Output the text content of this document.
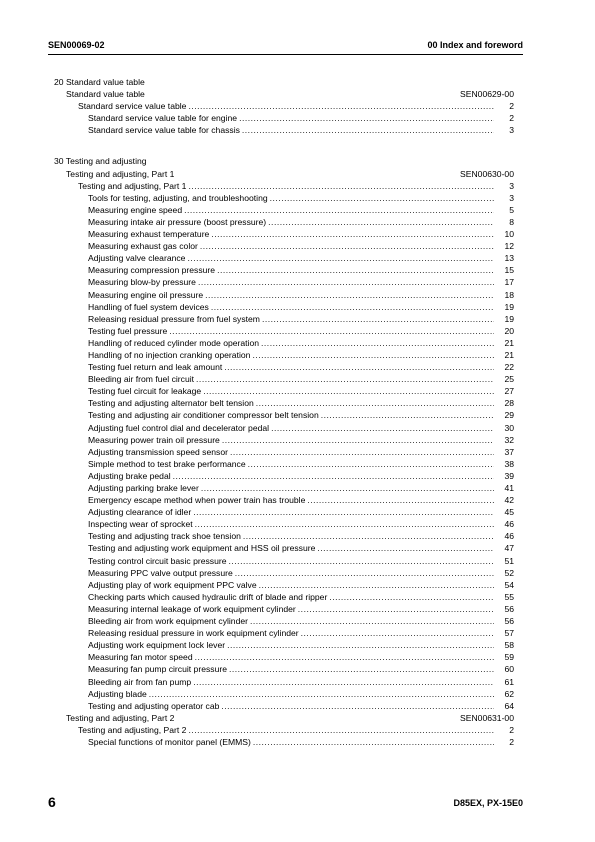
SEN00069-02	00 Index and foreword
20 Standard value table
Standard value table	SEN00629-00
Standard service value table .....	2
Standard service value table for engine .....	2
Standard service value table for chassis .....	3
30 Testing and adjusting
Testing and adjusting, Part 1	SEN00630-00
Testing and adjusting, Part 1 .....	3
Tools for testing, adjusting, and troubleshooting .....	3
Measuring engine speed .....	5
Measuring intake air pressure (boost pressure) .....	8
Measuring exhaust temperature .....	10
Measuring exhaust gas color .....	12
Adjusting valve clearance .....	13
Measuring compression pressure .....	15
Measuring blow-by pressure .....	17
Measuring engine oil pressure .....	18
Handling of fuel system devices .....	19
Releasing residual pressure from fuel system .....	19
Testing fuel pressure .....	20
Handling of reduced cylinder mode operation .....	21
Handling of no injection cranking operation .....	21
Testing fuel return and leak amount .....	22
Bleeding air from fuel circuit .....	25
Testing fuel circuit for leakage .....	27
Testing and adjusting alternator belt tension .....	28
Testing and adjusting air conditioner compressor belt tension .....	29
Adjusting fuel control dial and decelerator pedal .....	30
Measuring power train oil pressure .....	32
Adjusting transmission speed sensor .....	37
Simple method to test brake performance .....	38
Adjusting brake pedal .....	39
Adjusting parking brake lever .....	41
Emergency escape method when power train has trouble .....	42
Adjusting clearance of idler .....	45
Inspecting wear of sprocket .....	46
Testing and adjusting track shoe tension .....	46
Testing and adjusting work equipment and HSS oil pressure .....	47
Testing control circuit basic pressure .....	51
Measuring PPC valve output pressure .....	52
Adjusting play of work equipment PPC valve .....	54
Checking parts which caused hydraulic drift of blade and ripper .....	55
Measuring internal leakage of work equipment cylinder .....	56
Bleeding air from work equipment cylinder .....	56
Releasing residual pressure in work equipment cylinder .....	57
Adjusting work equipment lock lever .....	58
Measuring fan motor speed .....	59
Measuring fan pump circuit pressure .....	60
Bleeding air from fan pump .....	61
Adjusting blade .....	62
Testing and adjusting operator cab .....	64
Testing and adjusting, Part 2	SEN00631-00
Testing and adjusting, Part 2 .....	2
Special functions of monitor panel (EMMS) .....	2
6	D85EX, PX-15E0
